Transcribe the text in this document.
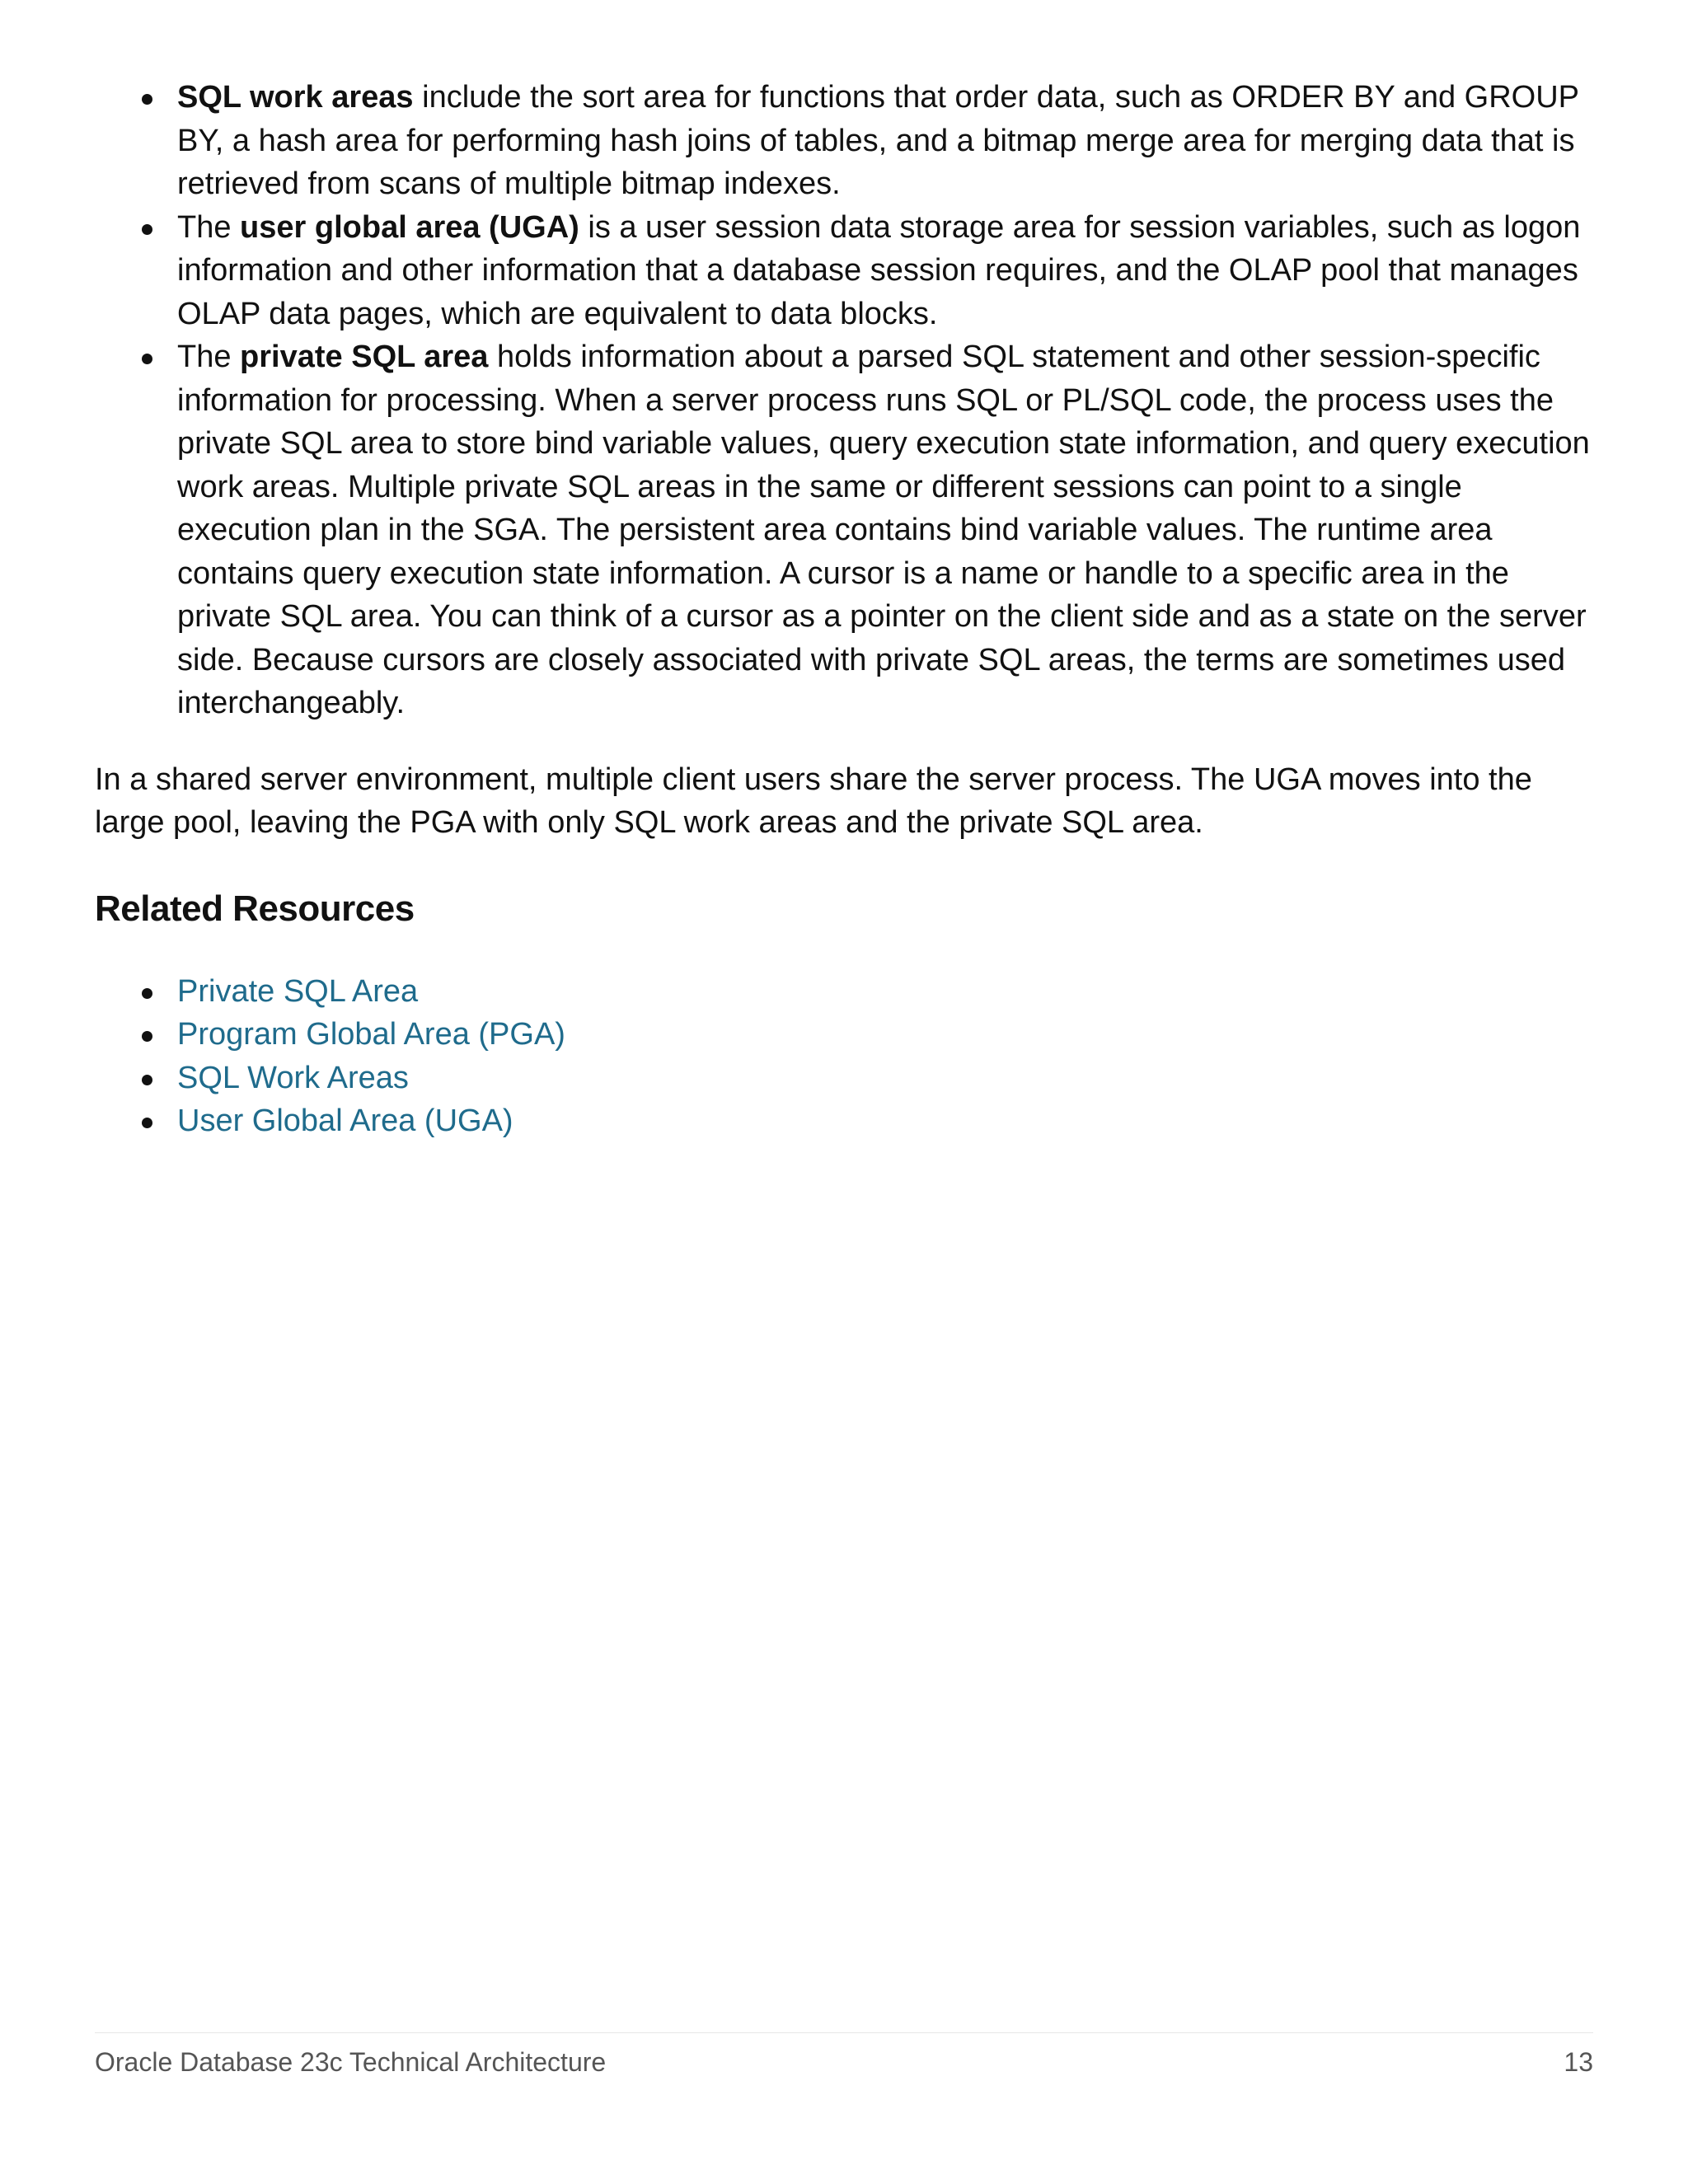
SQL work areas include the sort area for functions that order data, such as ORDER BY and GROUP BY, a hash area for performing hash joins of tables, and a bitmap merge area for merging data that is retrieved from scans of multiple bitmap indexes.
The user global area (UGA) is a user session data storage area for session variables, such as logon information and other information that a database session requires, and the OLAP pool that manages OLAP data pages, which are equivalent to data blocks.
The private SQL area holds information about a parsed SQL statement and other session-specific information for processing. When a server process runs SQL or PL/SQL code, the process uses the private SQL area to store bind variable values, query execution state information, and query execution work areas. Multiple private SQL areas in the same or different sessions can point to a single execution plan in the SGA. The persistent area contains bind variable values. The runtime area contains query execution state information. A cursor is a name or handle to a specific area in the private SQL area. You can think of a cursor as a pointer on the client side and as a state on the server side. Because cursors are closely associated with private SQL areas, the terms are sometimes used interchangeably.

In a shared server environment, multiple client users share the server process. The UGA moves into the large pool, leaving the PGA with only SQL work areas and the private SQL area.

Related Resources
Private SQL Area
Program Global Area (PGA)
SQL Work Areas
User Global Area (UGA)
Oracle Database 23c Technical Architecture	13
